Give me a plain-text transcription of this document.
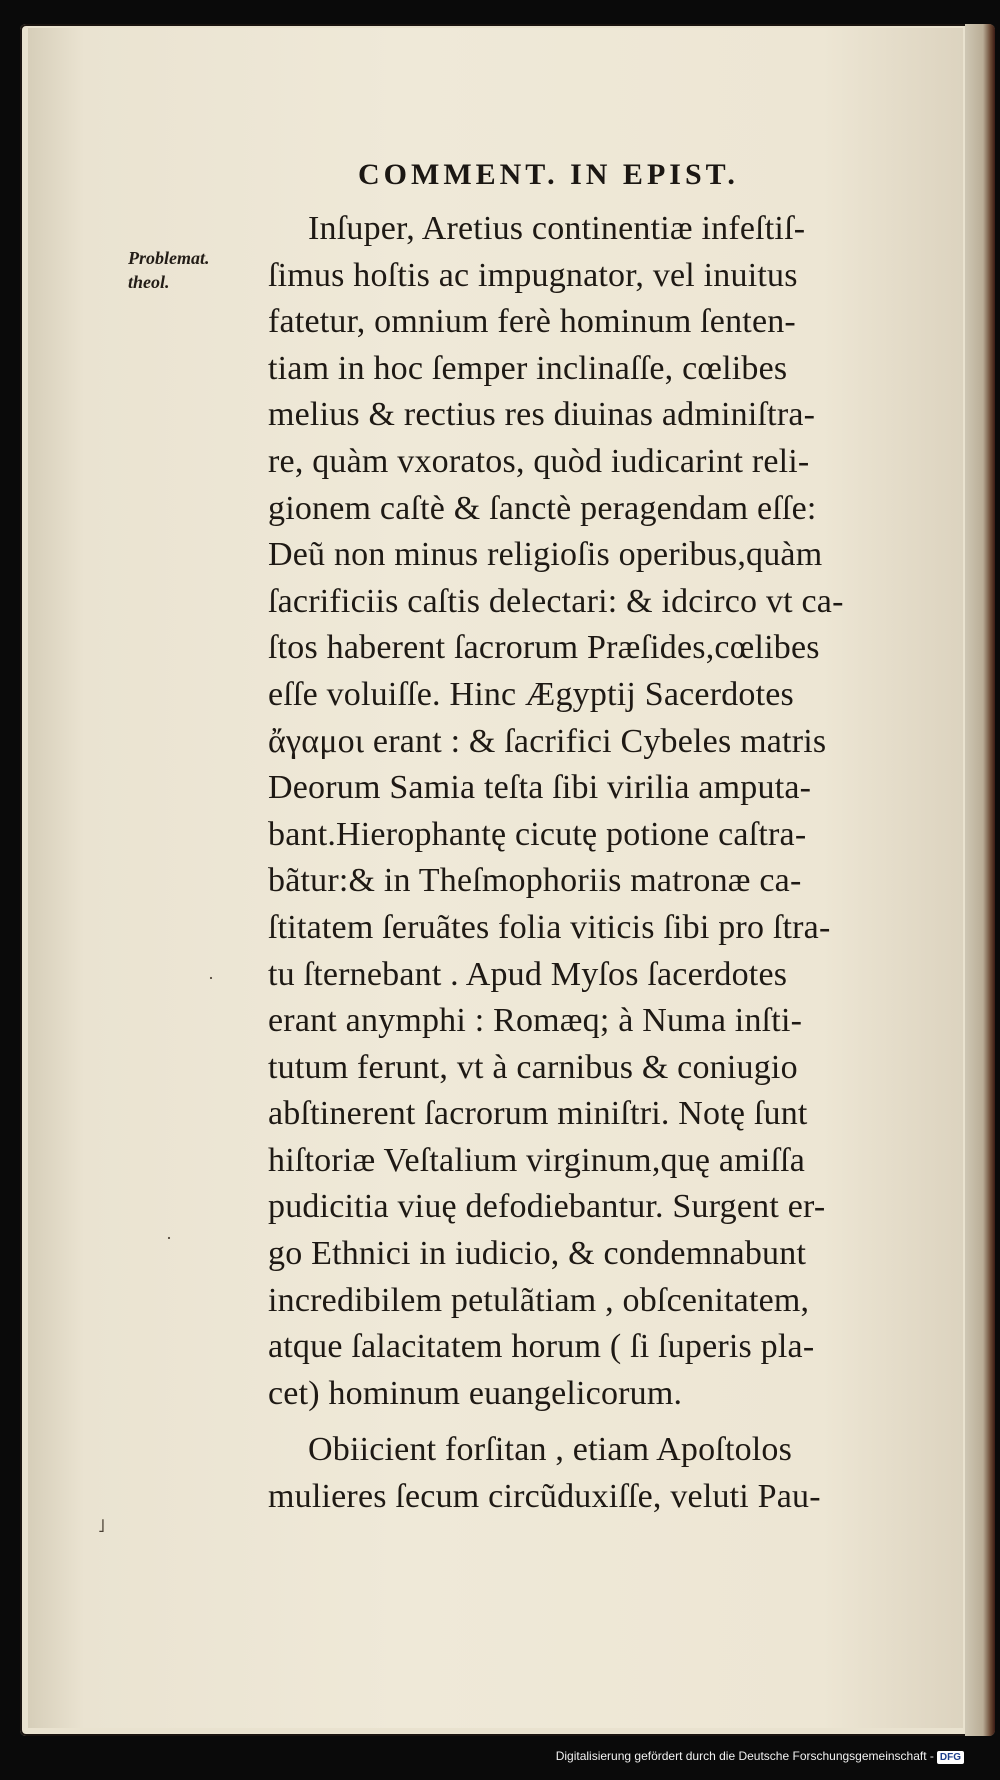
COMMENT. IN EPIST.
Problemat.
theol.
Inſuper, Aretius continentiæ infeſtiſ-
ſimus hoſtis ac impugnator, vel inuitus
fatetur, omnium ferè hominum ſenten-
tiam in hoc ſemper inclinaſſe, cœlibes
melius & rectius res diuinas adminiſtra-
re, quàm vxoratos, quòd iudicarint reli-
gionem caſtè & ſanctè peragendam eſſe:
Deũ non minus religioſis operibus,quàm
ſacrificiis caſtis delectari: & idcirco vt ca-
ſtos haberent ſacrorum Præſides,cœlibes
eſſe voluiſſe. Hinc Ægyptij Sacerdotes
ἄγαμοι erant : & ſacrifici Cybeles matris
Deorum Samia teſta ſibi virilia amputa-
bant.Hierophantę cicutę potione caſtra-
bãtur:& in Theſmophoriis matronæ ca-
ſtitatem ſeruãtes folia viticis ſibi pro ſtra-
tu ſternebant . Apud Myſos ſacerdotes
erant anymphi : Romæq; à Numa inſti-
tutum ferunt, vt à carnibus & coniugio
abſtinerent ſacrorum miniſtri. Notę ſunt
hiſtoriæ Veſtalium virginum,quę amiſſa
pudicitia viuę defodiebantur. Surgent er-
go Ethnici in iudicio, & condemnabunt
incredibilem petulãtiam , obſcenitatem,
atque ſalacitatem horum ( ſi ſuperis pla-
cet) hominum euangelicorum.
Obiicient forſitan , etiam Apoſtolos
mulieres ſecum circũduxiſſe, veluti Pau-
˩
·
·
Digitalisierung gefördert durch die Deutsche Forschungsgemeinschaft - DFG
